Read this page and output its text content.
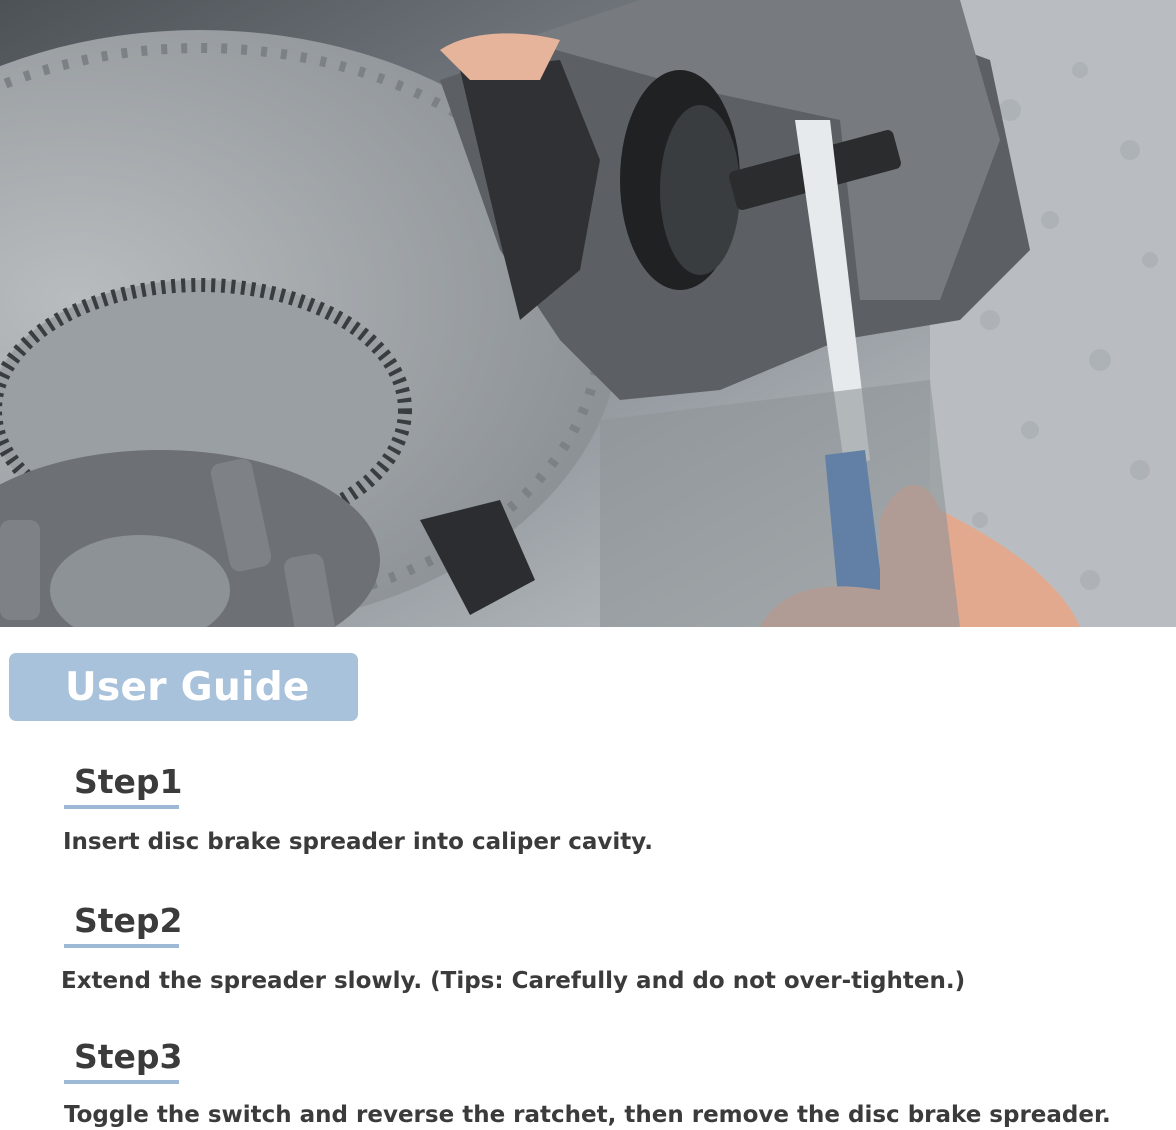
User Guide
Step1
Insert disc brake spreader into caliper cavity.
Step2
Extend the spreader slowly. (Tips: Carefully and do not over-tighten.)
Step3
Toggle the switch and reverse the ratchet, then remove the disc brake spreader.
